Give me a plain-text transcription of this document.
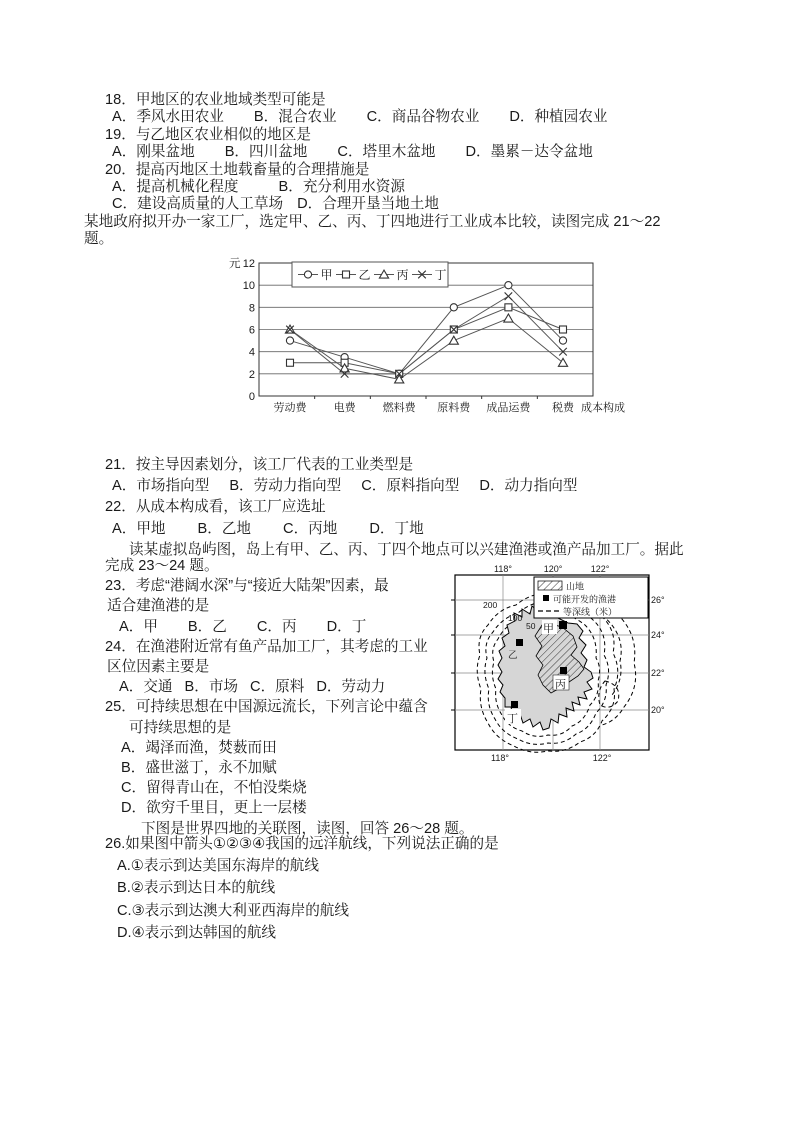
18．甲地区的农业地域类型可能是
A．季风水田农业 B．混合农业 C．商品谷物农业 D．种植园农业
19．与乙地区农业相似的地区是
A．刚果盆地 B．四川盆地 C．塔里木盆地 D．墨累－达令盆地
20．提高丙地区土地载畜量的合理措施是
A．提高机械化程度	B．充分利用水资源
C．建设高质量的人工草场 D．合理开垦当地土地
某地政府拟开办一家工厂，选定甲、乙、丙、丁四地进行工业成本比较，读图完成 21～22
题。
0
2
4
6
8
10
12
元
劳动费 电费 燃料费 原料费 成品运费 税费 成本构成
甲 乙 丙 丁
21．按主导因素划分，该工厂代表的工业类型是
A．市场指向型 B．劳动力指向型 C．原料指向型 D．动力指向型
22．从成本构成看，该工厂应选址
A．甲地 B．乙地 C．丙地 D．丁地
读某虚拟岛屿图，岛上有甲、乙、丙、丁四个地点可以兴建渔港或渔产品加工厂。据此
完成 23～24 题。
23．考虑“港阔水深”与“接近大陆架”因素，最
适合建渔港的是
A．甲 B．乙 C．丙 D．丁
24．在渔港附近常有鱼产品加工厂，其考虑的工业
区位因素主要是
A．交通 B．市场 C．原料 D．劳动力
25．可持续思想在中国源远流长，下列言论中蕴含
可持续思想的是
A．竭泽而渔，焚薮而田
B．盛世滋丁，永不加赋
C．留得青山在，不怕没柴烧
D．欲穷千里目，更上一层楼
下图是世界四地的关联图，读图，回答 26～28 题。
200
100
50 甲
乙
丙
丁
山地
可能开发的渔港
等深线（米）
118°	120°	122°
26°
24°
22°
20°
118°	122°
26.如果图中箭头①②③④我国的远洋航线，下列说法正确的是
A.①表示到达美国东海岸的航线
B.②表示到达日本的航线
C.③表示到达澳大利亚西海岸的航线
D.④表示到达韩国的航线
